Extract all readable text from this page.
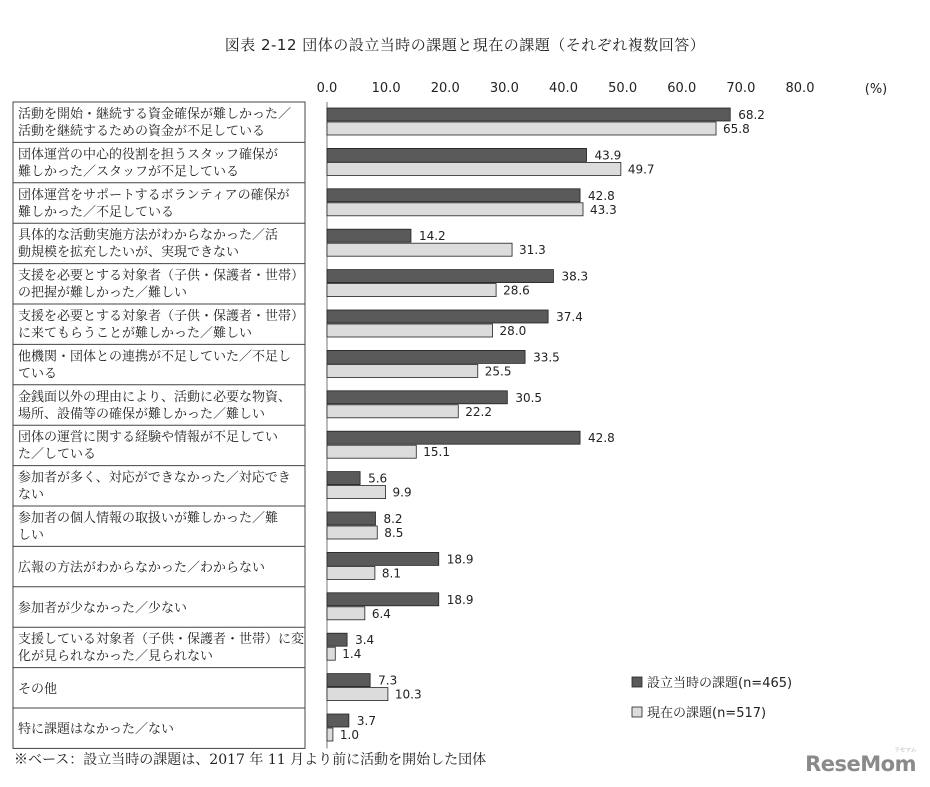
図表 2-12 団体の設立当時の課題と現在の課題（それぞれ複数回答）
0.0	10.0 20.0 30.0 40.0 50.0 60.0 70.0 80.0	(%)
活動を開始・継続する資金確保が難しかった／
活動を継続するための資金が不足している
68.2
65.8
団体運営の中心的役割を担うスタッフ確保が
難しかった／スタッフが不足している
43.9
49.7
団体運営をサポートするボランティアの確保が
難しかった／不足している
42.8
43.3
具体的な活動実施方法がわからなかった／活
動規模を拡充したいが、実現できない
14.2
31.3
支援を必要とする対象者（子供・保護者・世帯）
の把握が難しかった／難しい
38.3
28.6
支援を必要とする対象者（子供・保護者・世帯）
に来てもらうことが難しかった／難しい
37.4
28.0
他機関・団体との連携が不足していた／不足し
ている
33.5
25.5
金銭面以外の理由により、活動に必要な物資、
場所、設備等の確保が難しかった／難しい
30.5
22.2
団体の運営に関する経験や情報が不足してい
た／している
42.8
15.1
参加者が多く、対応ができなかった／対応でき
ない
5.6
9.9
参加者の個人情報の取扱いが難しかった／難
しい
8.2
8.5
広報の方法がわからなかった／わからない
18.9
8.1
参加者が少なかった／少ない
18.9
6.4
支援している対象者（子供・保護者・世帯）に変
化が見られなかった／見られない
3.4
1.4
その他
7.3
10.3
特に課題はなかった／ない
3.7
1.0
設立当時の課題(n=465)
現在の課題(n=517)
※ベース：設立当時の課題は、2017 年 11 月より前に活動を開始した団体	ReseMom
リセマム
